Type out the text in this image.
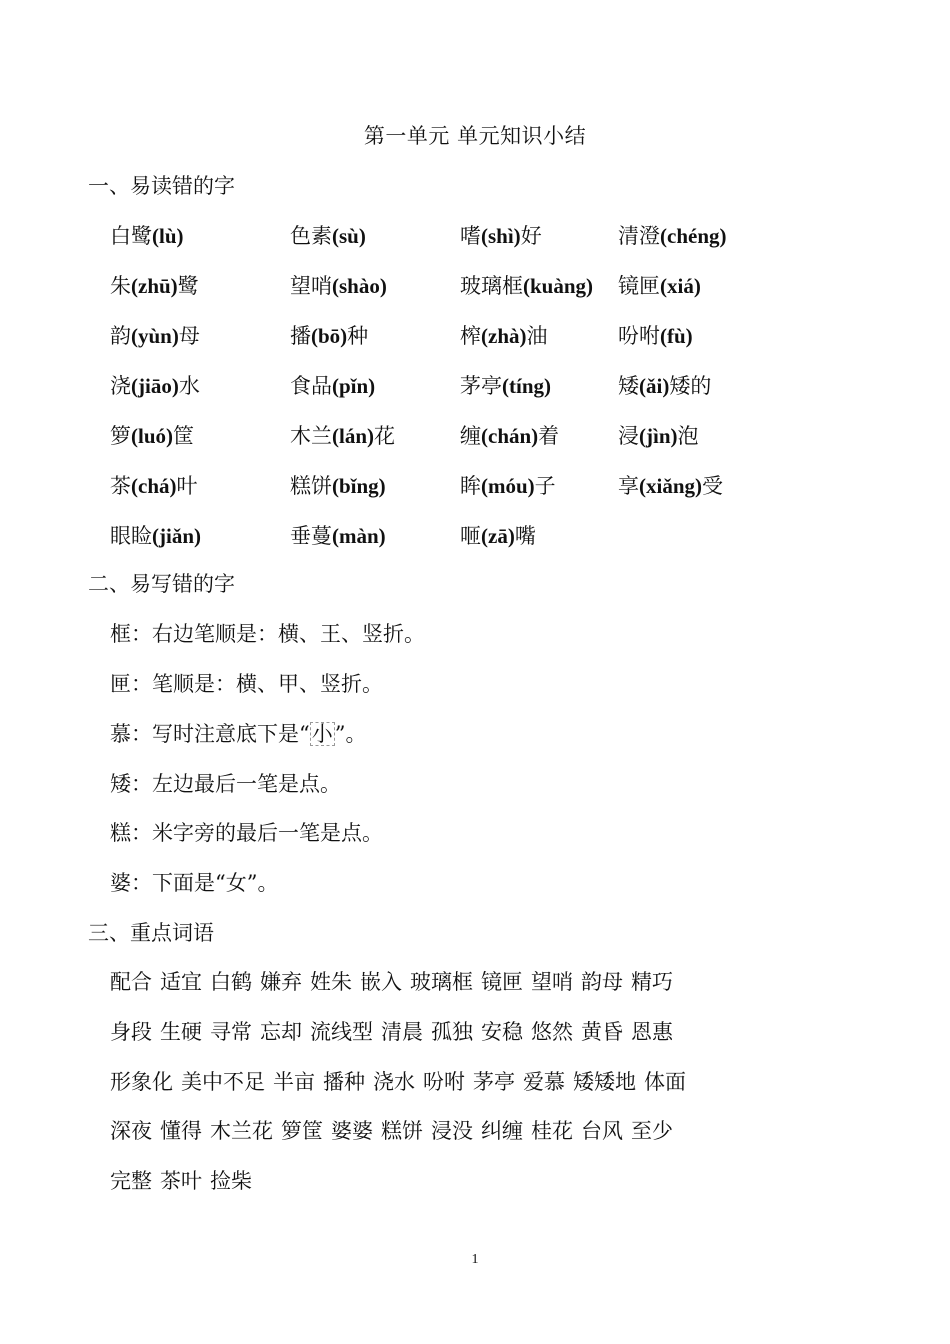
第一单元 单元知识小结
一、易读错的字
白鹭(lù)	色素(sù)	嗜(shì)好	清澄(chéng)
朱(zhū)鹭	望哨(shào)	玻璃框(kuàng) 镜匣(xiá)
韵(yùn)母	播(bō)种	榨(zhà)油	吩咐(fù)
浇(jiāo)水	食品(pǐn)	茅亭(tíng)	矮(ǎi)矮的
箩(luó)筐	木兰(lán)花	缠(chán)着	浸(jìn)泡
茶(chá)叶	糕饼(bǐng)	眸(móu)子	享(xiǎng)受
眼睑(jiǎn)	垂蔓(màn)	咂(zā)嘴
二、易写错的字
框：右边笔顺是：横、王、竖折。
匣：笔顺是：横、甲、竖折。
慕：写时注意底下是“小”。
矮：左边最后一笔是点。
糕：米字旁的最后一笔是点。
婆：下面是“女”。
三、重点词语
配合 适宜 白鹤 嫌弃 姓朱 嵌入 玻璃框 镜匣 望哨 韵母 精巧
身段 生硬 寻常 忘却 流线型 清晨 孤独 安稳 悠然 黄昏 恩惠
形象化 美中不足 半亩 播种 浇水 吩咐 茅亭 爱慕 矮矮地 体面
深夜 懂得 木兰花 箩筐 婆婆 糕饼 浸没 纠缠 桂花 台风 至少
完整 茶叶 捡柴
1
